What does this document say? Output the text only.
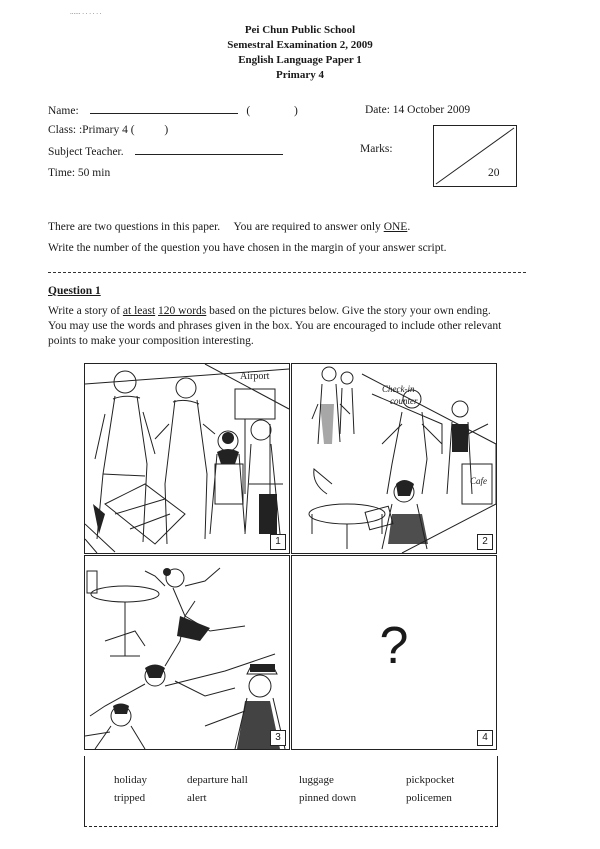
...... . . . . . .
Pei Chun Public School
Semestral Examination 2, 2009
English Language Paper 1
Primary 4
Name:	(	)	Date: 14 October 2009
Class: :Primary 4 (	)
Subject Teacher.	Marks:
Time: 50 min	20
There are two questions in this paper. You are required to answer only ONE.
Write the number of the question you have chosen in the margin of your answer script.
Question 1
Write a story of at least 120 words based on the pictures below. Give the story your own ending.
You may use the words and phrases given in the box. You are encouraged to include other relevant
points to make your composition interesting.
Airport
1
Check-in
counter
Cafe
2
3
?
4
holiday	departure hall	luggage	pickpocket
tripped	alert	pinned down	policemen
